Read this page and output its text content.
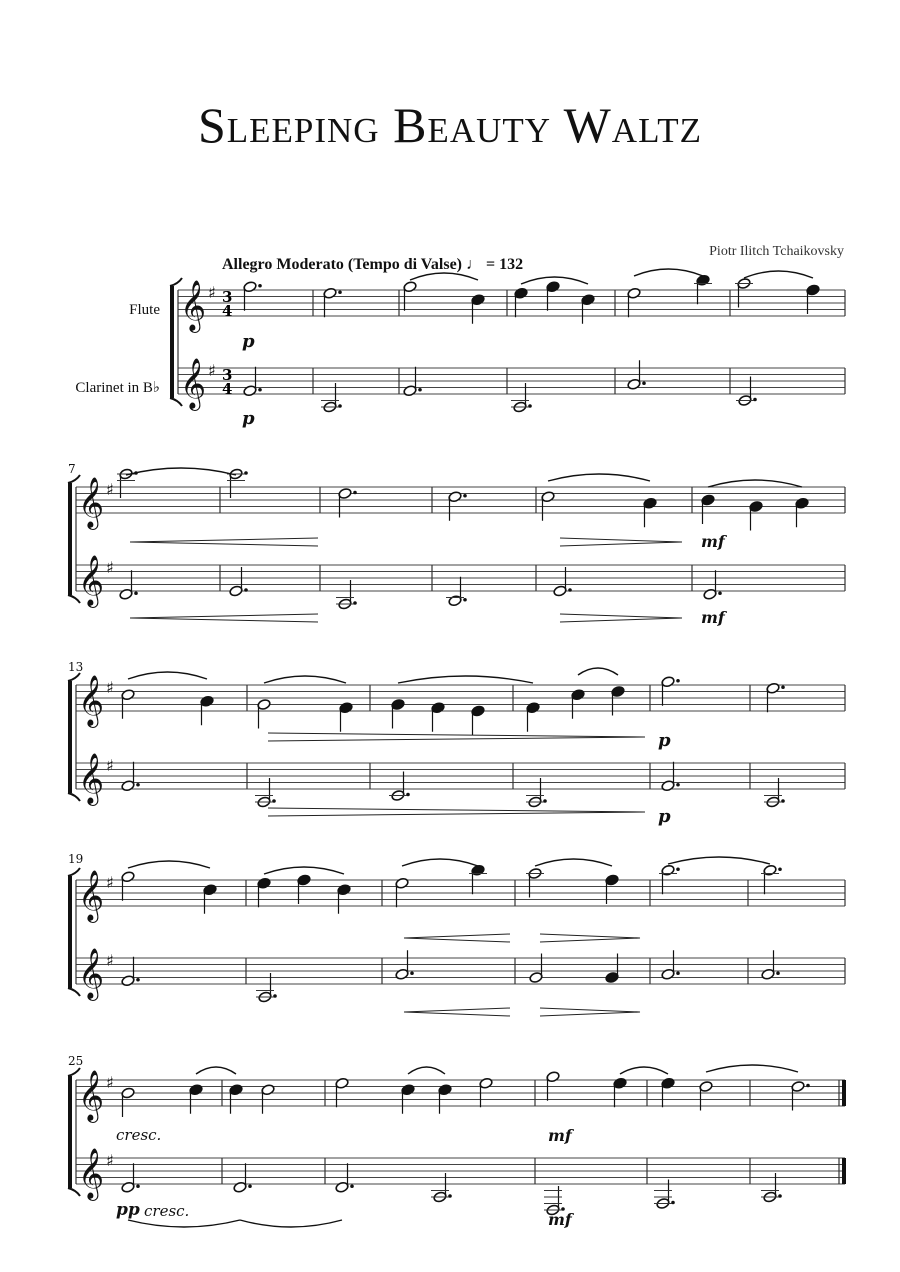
𝄞 ♯ 3
4
𝄞 ♯ 3
4
𝄞 ♯
𝄞 ♯
𝄞 ♯
𝄞 ♯
𝄞 ♯
𝄞 ♯
𝄞 ♯
𝄞 ♯
Sleeping Beauty Waltz
Piotr Ilitch Tchaikovsky
Allegro Moderato (Tempo di Valse) ♩ = 132
Flute
Clarinet in B♭
7
13
19
25
p
p
mf
mf
p
p
cresc.
pp cresc.
mf
mf
